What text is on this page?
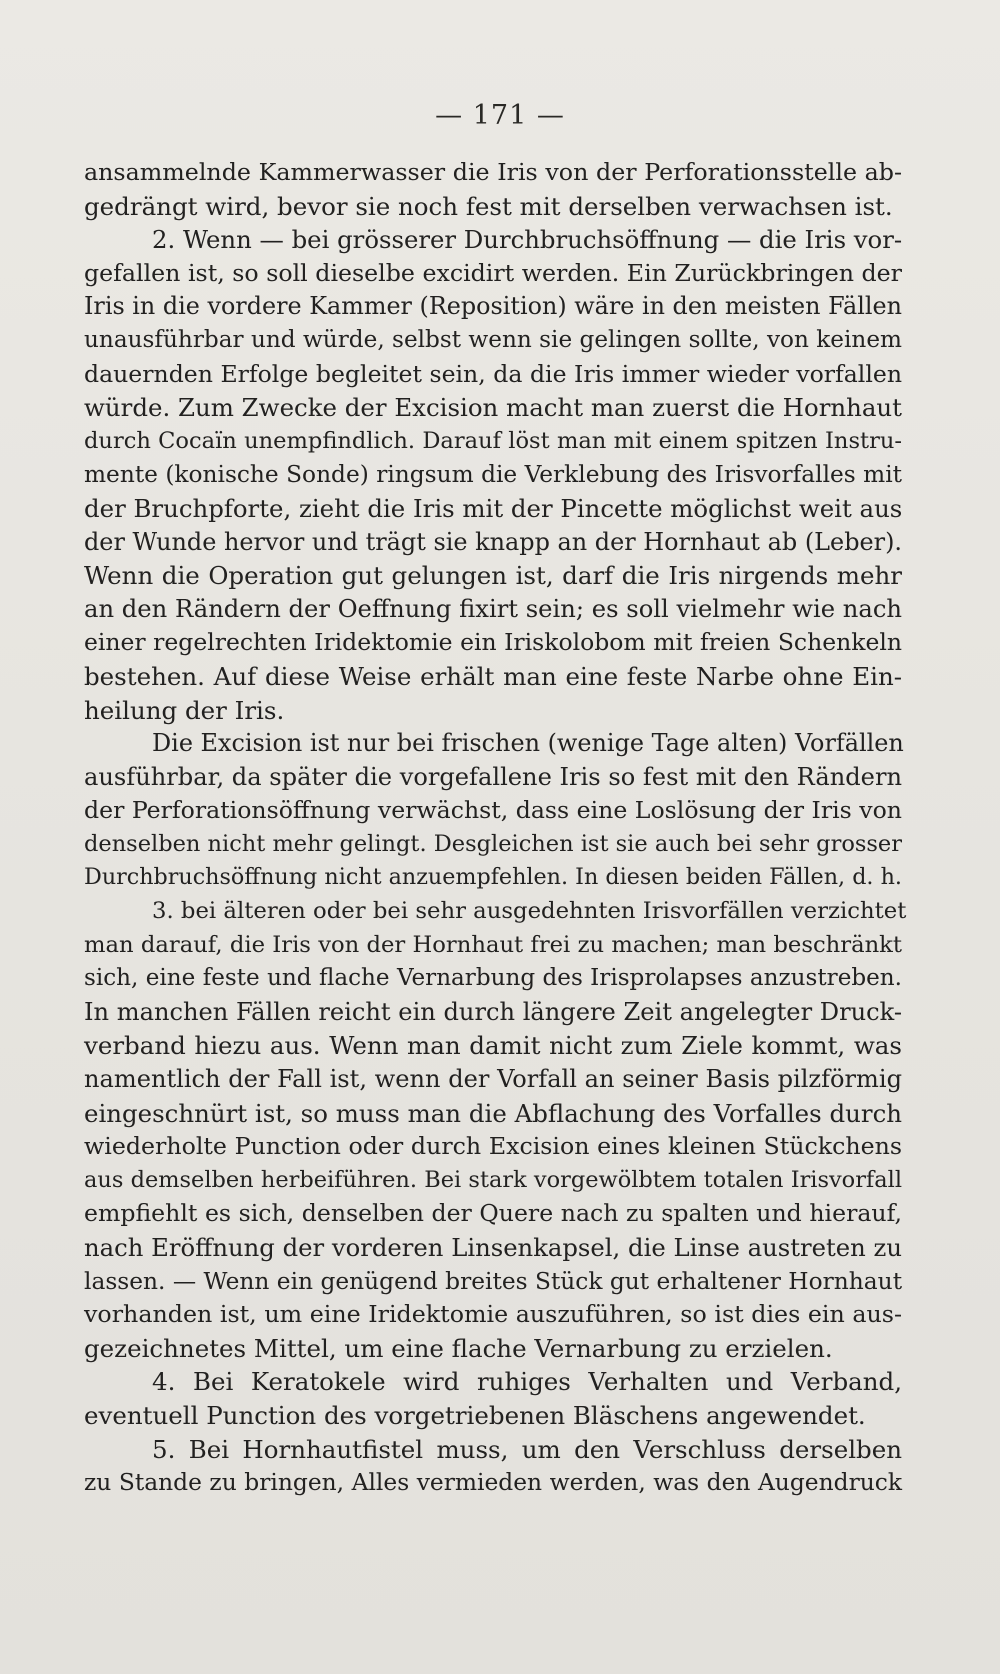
— 171 —
ansammelnde Kammerwasser die Iris von der Perforationsstelle ab-
gedrängt wird, bevor sie noch fest mit derselben verwachsen ist.
2. Wenn — bei grösserer Durchbruchsöffnung — die Iris vor-
gefallen ist, so soll dieselbe excidirt werden. Ein Zurückbringen der
Iris in die vordere Kammer (Reposition) wäre in den meisten Fällen
unausführbar und würde, selbst wenn sie gelingen sollte, von keinem
dauernden Erfolge begleitet sein, da die Iris immer wieder vorfallen
würde. Zum Zwecke der Excision macht man zuerst die Hornhaut
durch Cocaïn unempfindlich. Darauf löst man mit einem spitzen Instru-
mente (konische Sonde) ringsum die Verklebung des Irisvorfalles mit
der Bruchpforte, zieht die Iris mit der Pincette möglichst weit aus
der Wunde hervor und trägt sie knapp an der Hornhaut ab (Leber).
Wenn die Operation gut gelungen ist, darf die Iris nirgends mehr
an den Rändern der Oeffnung fixirt sein; es soll vielmehr wie nach
einer regelrechten Iridektomie ein Iriskolobom mit freien Schenkeln
bestehen. Auf diese Weise erhält man eine feste Narbe ohne Ein-
heilung der Iris.
Die Excision ist nur bei frischen (wenige Tage alten) Vorfällen
ausführbar, da später die vorgefallene Iris so fest mit den Rändern
der Perforationsöffnung verwächst, dass eine Loslösung der Iris von
denselben nicht mehr gelingt. Desgleichen ist sie auch bei sehr grosser
Durchbruchsöffnung nicht anzuempfehlen. In diesen beiden Fällen, d. h.
3. bei älteren oder bei sehr ausgedehnten Irisvorfällen verzichtet
man darauf, die Iris von der Hornhaut frei zu machen; man beschränkt
sich, eine feste und flache Vernarbung des Irisprolapses anzustreben.
In manchen Fällen reicht ein durch längere Zeit angelegter Druck-
verband hiezu aus. Wenn man damit nicht zum Ziele kommt, was
namentlich der Fall ist, wenn der Vorfall an seiner Basis pilzförmig
eingeschnürt ist, so muss man die Abflachung des Vorfalles durch
wiederholte Punction oder durch Excision eines kleinen Stückchens
aus demselben herbeiführen. Bei stark vorgewölbtem totalen Irisvorfall
empfiehlt es sich, denselben der Quere nach zu spalten und hierauf,
nach Eröffnung der vorderen Linsenkapsel, die Linse austreten zu
lassen. — Wenn ein genügend breites Stück gut erhaltener Hornhaut
vorhanden ist, um eine Iridektomie auszuführen, so ist dies ein aus-
gezeichnetes Mittel, um eine flache Vernarbung zu erzielen.
4. Bei Keratokele wird ruhiges Verhalten und Verband,
eventuell Punction des vorgetriebenen Bläschens angewendet.
5. Bei Hornhautfistel muss, um den Verschluss derselben
zu Stande zu bringen, Alles vermieden werden, was den Augendruck
